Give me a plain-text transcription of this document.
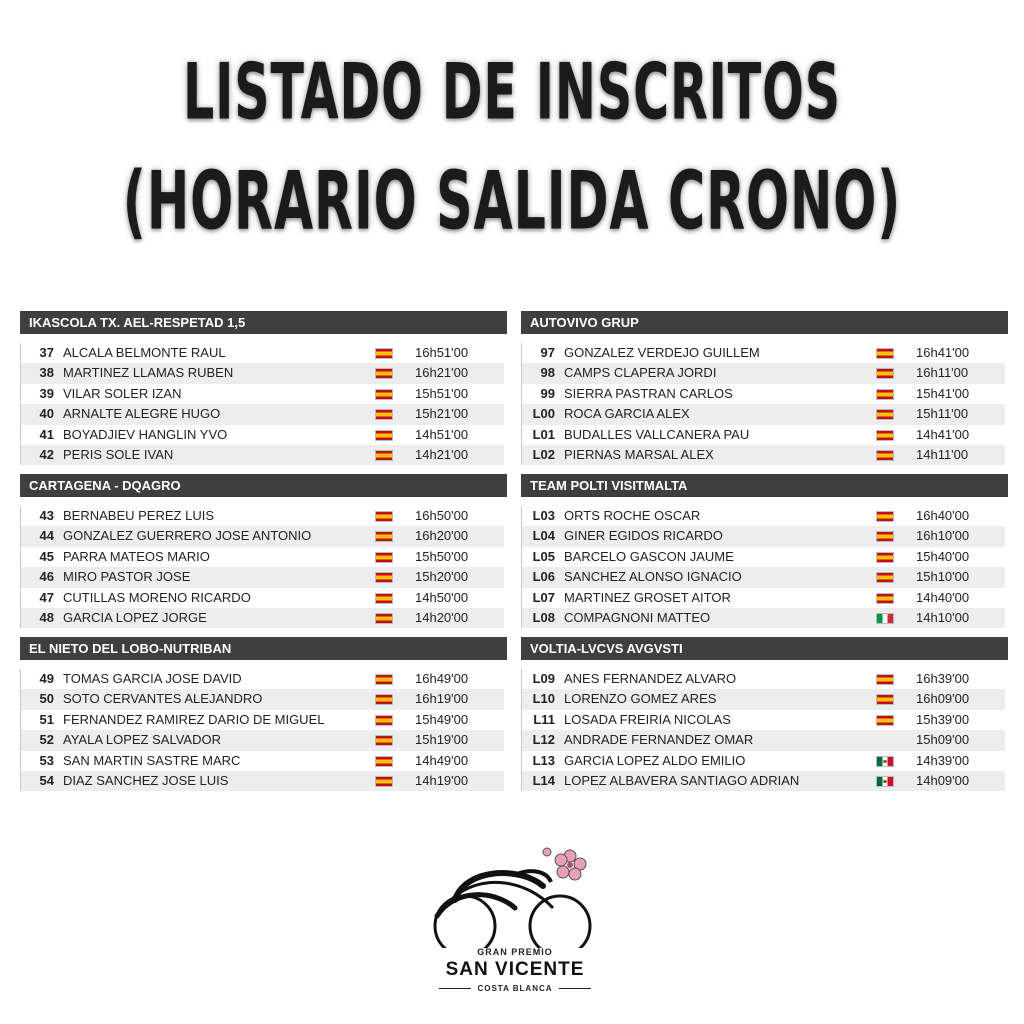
LISTADO DE INSCRITOS
(HORARIO SALIDA CRONO)
IKASCOLA TX. AEL-RESPETAD 1,5
37 ALCALA BELMONTE RAUL	16h51'00
38 MARTINEZ LLAMAS RUBEN	16h21'00
39 VILAR SOLER IZAN	15h51'00
40 ARNALTE ALEGRE HUGO	15h21'00
41 BOYADJIEV HANGLIN YVO	14h51'00
42 PERIS SOLE IVAN	14h21'00
CARTAGENA - DQAGRO
43 BERNABEU PEREZ LUIS	16h50'00
44 GONZALEZ GUERRERO JOSE ANTONIO	16h20'00
45 PARRA MATEOS MARIO	15h50'00
46 MIRO PASTOR JOSE	15h20'00
47 CUTILLAS MORENO RICARDO	14h50'00
48 GARCIA LOPEZ JORGE	14h20'00
EL NIETO DEL LOBO-NUTRIBAN
49 TOMAS GARCIA JOSE DAVID	16h49'00
50 SOTO CERVANTES ALEJANDRO	16h19'00
51 FERNANDEZ RAMIREZ DARIO DE MIGUEL	15h49'00
52 AYALA LOPEZ SALVADOR	15h19'00
53 SAN MARTIN SASTRE MARC	14h49'00
54 DIAZ SANCHEZ JOSE LUIS	14h19'00
AUTOVIVO GRUP
97 GONZALEZ VERDEJO GUILLEM	16h41'00
98 CAMPS CLAPERA JORDI	16h11'00
99 SIERRA PASTRAN CARLOS	15h41'00
L00 ROCA GARCIA ALEX	15h11'00
L01 BUDALLES VALLCANERA PAU	14h41'00
L02 PIERNAS MARSAL ALEX	14h11'00
TEAM POLTI VISITMALTA
L03 ORTS ROCHE OSCAR	16h40'00
L04 GINER EGIDOS RICARDO	16h10'00
L05 BARCELO GASCON JAUME	15h40'00
L06 SANCHEZ ALONSO IGNACIO	15h10'00
L07 MARTINEZ GROSET AITOR	14h40'00
L08 COMPAGNONI MATTEO	14h10'00
VOLTIA-LVCVS AVGVSTI
L09 ANES FERNANDEZ ALVARO	16h39'00
L10 LORENZO GOMEZ ARES	16h09'00
L11 LOSADA FREIRIA NICOLAS	15h39'00
L12 ANDRADE FERNANDEZ OMAR	15h09'00
L13 GARCIA LOPEZ ALDO EMILIO	14h39'00
L14 LOPEZ ALBAVERA SANTIAGO ADRIAN	14h09'00
GRAN PREMIO
SAN VICENTE
COSTA BLANCA
